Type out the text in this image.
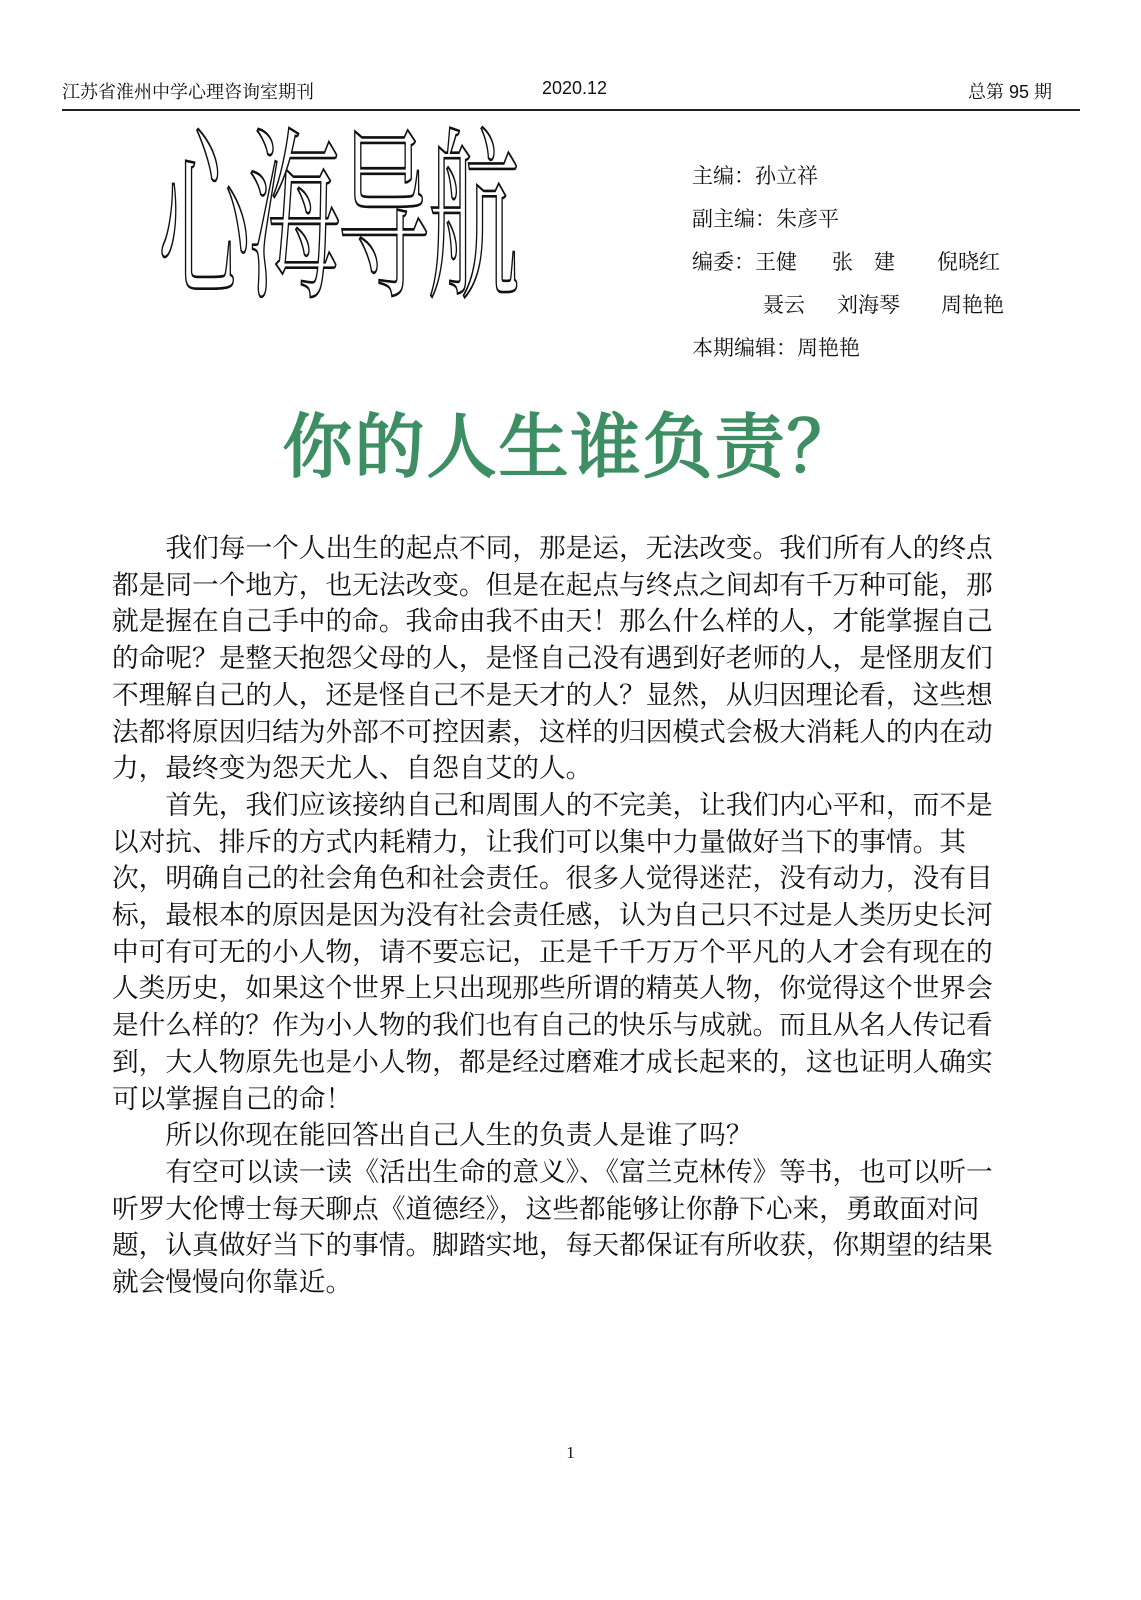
江苏省淮州中学心理咨询室期刊	2020.12	总第 95 期
心海导航	主编：孙立祥
副主编：朱彦平
编委： 王健 张　建 倪晓红
聂云 刘海琴 周艳艳
本期编辑：周艳艳
你的人生谁负责？

我们每一个人出生的起点不同，那是运，无法改变。我们所有人的终点都是同一个地方，也无法改变。但是在起点与终点之间却有千万种可能，那就是握在自己手中的命。我命由我不由天！那么什么样的人，才能掌握自己的命呢？是整天抱怨父母的人，是怪自己没有遇到好老师的人，是怪朋友们不理解自己的人，还是怪自己不是天才的人？显然，从归因理论看，这些想法都将原因归结为外部不可控因素，这样的归因模式会极大消耗人的内在动力，最终变为怨天尤人、自怨自艾的人。

首先，我们应该接纳自己和周围人的不完美，让我们内心平和，而不是以对抗、排斥的方式内耗精力，让我们可以集中力量做好当下的事情。其次，明确自己的社会角色和社会责任。很多人觉得迷茫，没有动力，没有目标，最根本的原因是因为没有社会责任感，认为自己只不过是人类历史长河中可有可无的小人物，请不要忘记，正是千千万万个平凡的人才会有现在的人类历史，如果这个世界上只出现那些所谓的精英人物，你觉得这个世界会是什么样的？作为小人物的我们也有自己的快乐与成就。而且从名人传记看到，大人物原先也是小人物，都是经过磨难才成长起来的，这也证明人确实可以掌握自己的命！

所以你现在能回答出自己人生的负责人是谁了吗？

有空可以读一读《活出生命的意义》、《富兰克林传》等书，也可以听一听罗大伦博士每天聊点《道德经》，这些都能够让你静下心来，勇敢面对问题，认真做好当下的事情。脚踏实地，每天都保证有所收获，你期望的结果就会慢慢向你靠近。

1
